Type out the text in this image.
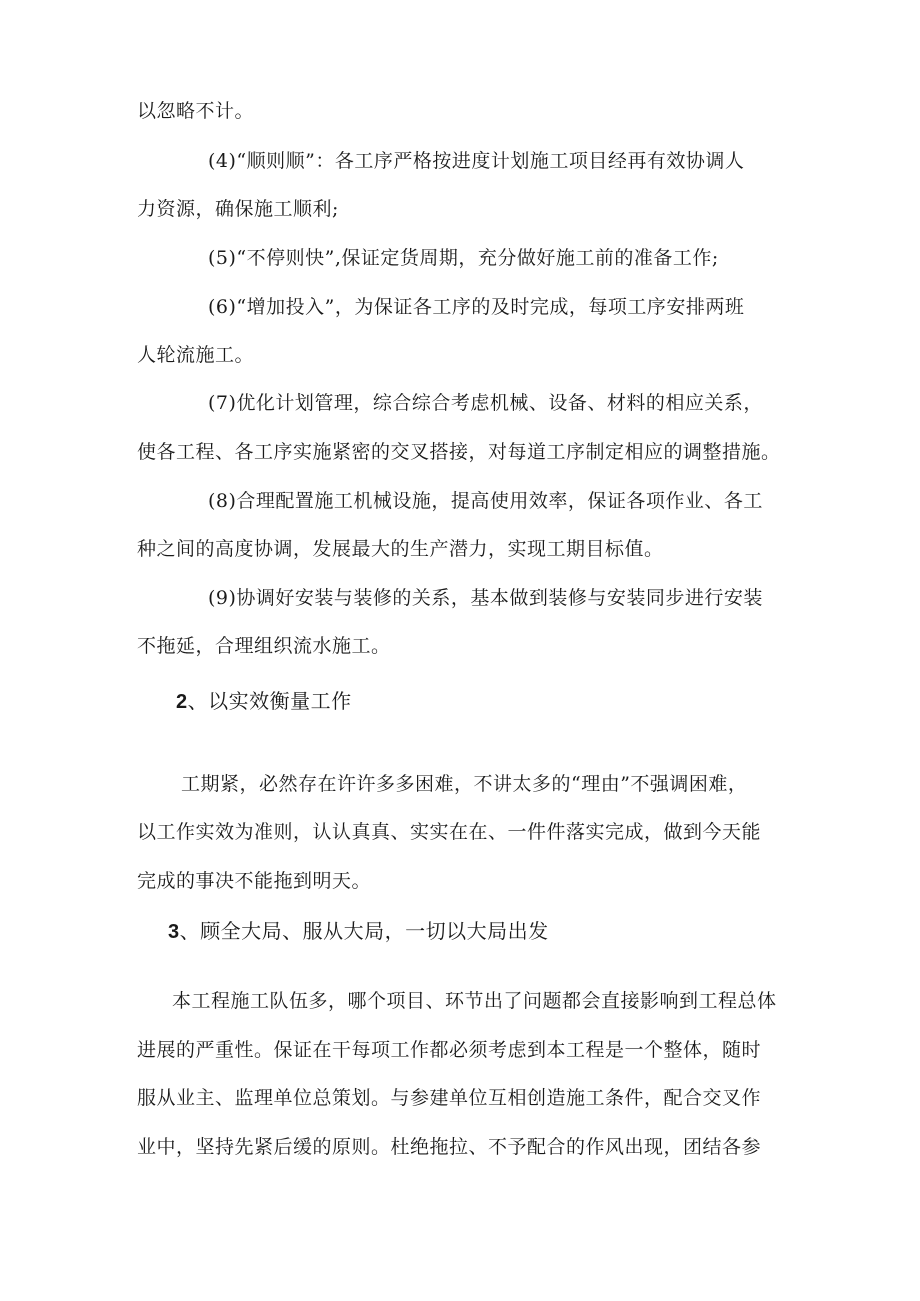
以忽略不计。
(4)“顺则顺”：各工序严格按进度计划施工项目经再有效协调人
力资源，确保施工顺利;
(5)“不停则快”,保证定货周期，充分做好施工前的准备工作;
(6)“增加投入”，为保证各工序的及时完成，每项工序安排两班
人轮流施工。
(7)优化计划管理，综合综合考虑机械、设备、材料的相应关系，
使各工程、各工序实施紧密的交叉搭接，对每道工序制定相应的调整措施。
(8)合理配置施工机械设施，提高使用效率，保证各项作业、各工
种之间的高度协调，发展最大的生产潜力，实现工期目标值。
(9)协调好安装与装修的关系，基本做到装修与安装同步进行安装
不拖延，合理组织流水施工。
2、以实效衡量工作
工期紧，必然存在许许多多困难，不讲太多的“理由”不强调困难，
以工作实效为准则，认认真真、实实在在、一件件落实完成，做到今天能
完成的事决不能拖到明天。
3、顾全大局、服从大局，一切以大局出发
本工程施工队伍多，哪个项目、环节出了问题都会直接影响到工程总体
进展的严重性。保证在干每项工作都必须考虑到本工程是一个整体，随时
服从业主、监理单位总策划。与参建单位互相创造施工条件，配合交叉作
业中，坚持先紧后缓的原则。杜绝拖拉、不予配合的作风出现，团结各参
